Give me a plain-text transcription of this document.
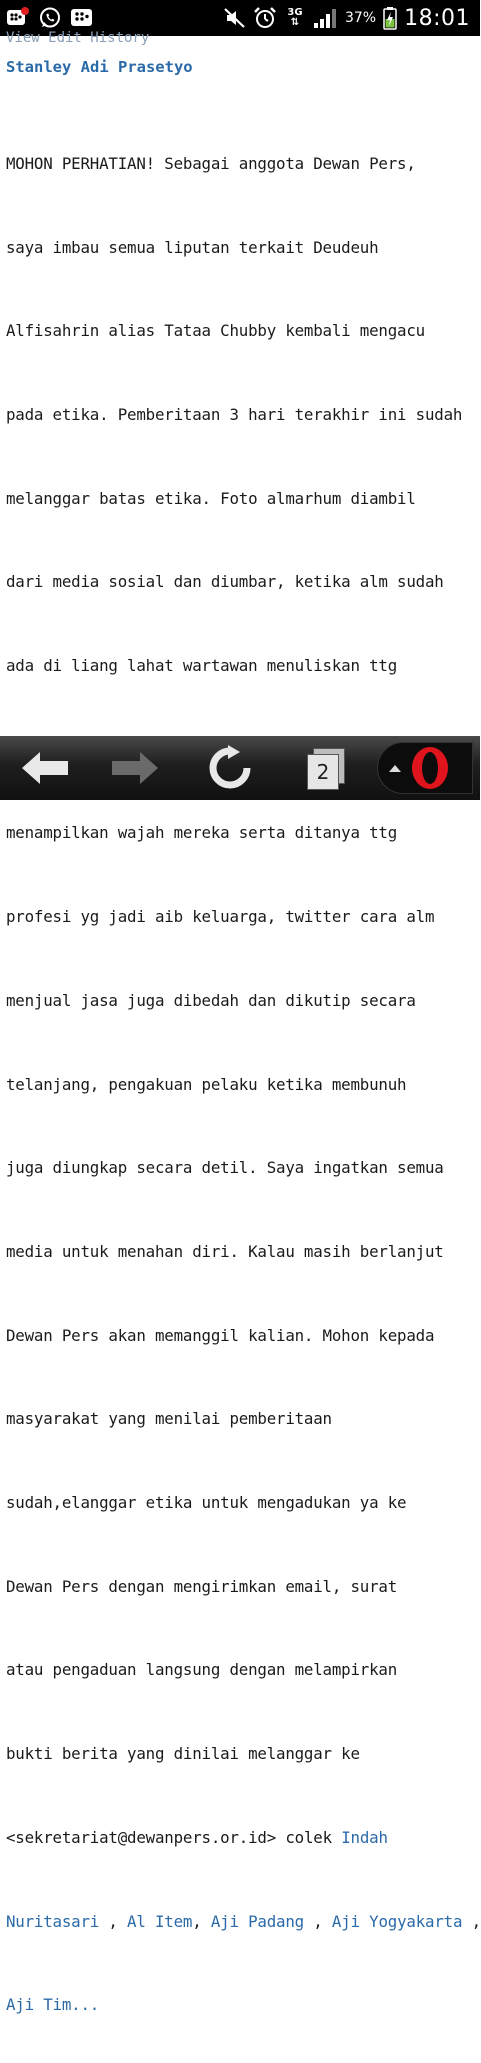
3G
⇅	37% 18:01
View Edit History
Stanley Adi Prasetyo

MOHON PERHATIAN! Sebagai anggota Dewan Pers,

saya imbau semua liputan terkait Deudeuh

Alfisahrin alias Tataa Chubby kembali mengacu

pada etika. Pemberitaan 3 hari terakhir ini sudah

melanggar batas etika. Foto almarhum diambil

dari media sosial dan diumbar, ketika alm sudah

ada di liang lahat wartawan menuliskan ttg

menampilkan wajah mereka serta ditanya ttg

profesi yg jadi aib keluarga, twitter cara alm

menjual jasa juga dibedah dan dikutip secara

telanjang, pengakuan pelaku ketika membunuh

juga diungkap secara detil. Saya ingatkan semua

media untuk menahan diri. Kalau masih berlanjut

Dewan Pers akan memanggil kalian. Mohon kepada

masyarakat yang menilai pemberitaan

sudah,elanggar etika untuk mengadukan ya ke

Dewan Pers dengan mengirimkan email, surat

atau pengaduan langsung dengan melampirkan

bukti berita yang dinilai melanggar ke

<sekretariat@dewanpers.or.id> colek Indah

Nuritasari , Al Item, Aji Padang , Aji Yogyakarta ,

Aji Tim...

2
